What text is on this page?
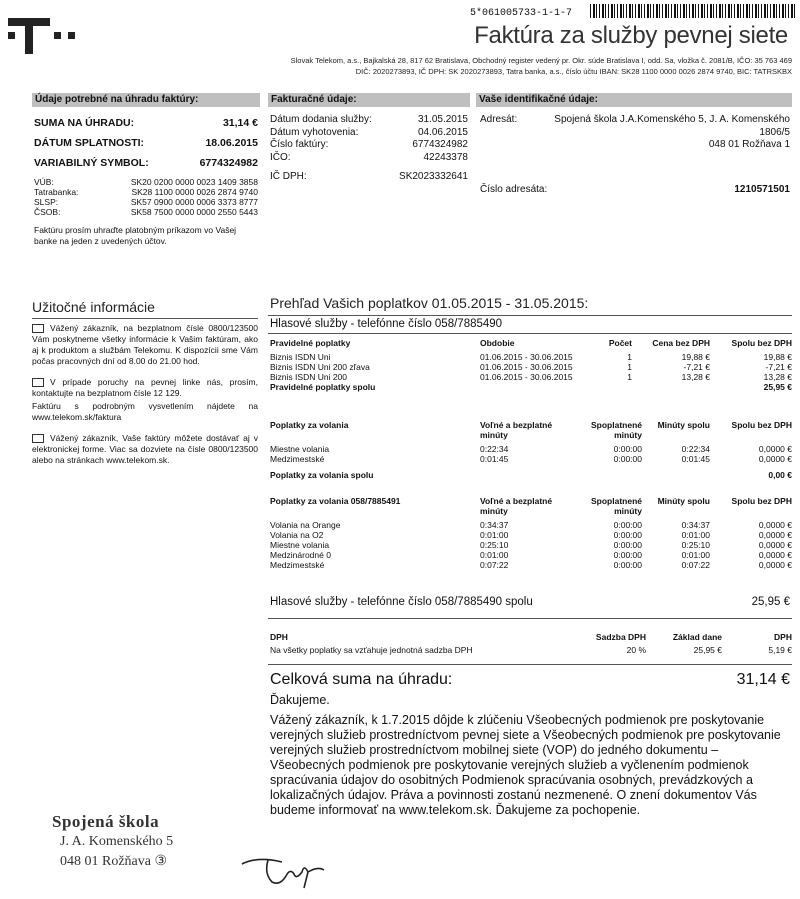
5*061005733-1-1-7
Faktúra za služby pevnej siete
Slovak Telekom, a.s., Bajkalská 28, 817 62 Bratislava, Obchodný register vedený pr. Okr. súde Bratislava I, odd. Sa, vložka č. 2081/B, IČO: 35 763 469
DIČ: 2020273893, IČ DPH: SK 2020273893, Tatra banka, a.s., číslo účtu IBAN: SK28 1100 0000 0026 2874 9740, BIC: TATRSKBX
Údaje potrebné na úhradu faktúry:
SUMA NA ÚHRADU:	31,14 €
DÁTUM SPLATNOSTI:	18.06.2015
VARIABILNÝ SYMBOL:	6774324982
VÚB:	SK20 0200 0000 0023 1409 3858
Tatrabanka:	SK28 1100 0000 0026 2874 9740
SLSP:	SK57 0900 0000 0006 3373 8777
ČSOB:	SK58 7500 0000 0000 2550 5443
Faktúru prosím uhraďte platobným príkazom vo Vašej banke na jeden z uvedených účtov.
Fakturačné údaje:
Dátum dodania služby:	31.05.2015
Dátum vyhotovenia:	04.06.2015
Číslo faktúry:	6774324982
IČO:	42243378
IČ DPH:	SK2023332641
Vaše identifikačné údaje:
Adresát:	Spojená škola J.A.Komenského 5, J. A. Komenského
1806/5
048 01 Rožňava 1
Číslo adresáta:	1210571501
Užitočné informácie

Vážený zákazník, na bezplatnom čísle 0800/123500 Vám poskytneme všetky informácie k Vašim faktúram, ako aj k produktom a službám Telekomu. K dispozícii sme Vám počas pracovných dní od 8.00 do 21.00 hod.

V prípade poruchy na pevnej linke nás, prosím, kontaktujte na bezplatnom čísle 12 129.

Faktúru s podrobným vysvetlením nájdete na www.telekom.sk/faktura

Vážený zákazník, Vaše faktúry môžete dostávať aj v elektronickej forme. Viac sa dozviete na čísle 0800/123500 alebo na stránkach www.telekom.sk.

Prehľad Vašich poplatkov 01.05.2015 - 31.05.2015:
Hlasové služby - telefónne číslo 058/7885490
Pravidelné poplatky	Obdobie	Počet	Cena bez DPH	Spolu bez DPH

Biznis ISDN Uni	01.06.2015 - 30.06.2015	1	19,88 €	19,88 €
Biznis ISDN Uni 200 zľava	01.06.2015 - 30.06.2015	1	-7,21 €	-7,21 €
Biznis ISDN Uni 200	01.06.2015 - 30.06.2015	1	13,28 €	13,28 €
Pravidelné poplatky spolu				25,95 €
Poplatky za volania	Voľné a bezplatné minúty	Spoplatnené minúty	Minúty spolu	Spolu bez DPH

Miestne volania	0:22:34	0:00:00	0:22:34	0,0000 €
Medzimestské	0:01:45	0:00:00	0:01:45	0,0000 €

Poplatky za volania spolu				0,00 €
Poplatky za volania 058/7885491	Voľné a bezplatné minúty	Spoplatnené minúty	Minúty spolu	Spolu bez DPH

Volania na Orange	0:34:37	0:00:00	0:34:37	0,0000 €
Volania na O2	0:01:00	0:00:00	0:01:00	0,0000 €
Miestne volania	0:25:10	0:00:00	0:25:10	0,0000 €
Medzinárodné 0	0:01:00	0:00:00	0:01:00	0,0000 €
Medzimestské	0:07:22	0:00:00	0:07:22	0,0000 €
Hlasové služby - telefónne číslo 058/7885490 spolu	25,95 €
DPH	Sadzba DPH	Základ dane	DPH

Na všetky poplatky sa vzťahuje jednotná sadzba DPH	20 %	25,95 €	5,19 €
Celková suma na úhradu:	31,14 €
Ďakujeme.
Vážený zákazník, k 1.7.2015 dôjde k zlúčeniu Všeobecných podmienok pre poskytovanie verejných služieb prostredníctvom pevnej siete a Všeobecných podmienok pre poskytovanie verejných služieb prostredníctvom mobilnej siete (VOP) do jedného dokumentu – Všeobecných podmienok pre poskytovanie verejných služieb a vyčlenením podmienok spracúvania údajov do osobitných Podmienok spracúvania osobných, prevádzkových a lokalizačných údajov. Práva a povinnosti zostanú nezmenené. O znení dokumentov Vás budeme informovať na www.telekom.sk. Ďakujeme za pochopenie.
Spojená škola
J. A. Komenského 5
048 01 Rožňava ③
